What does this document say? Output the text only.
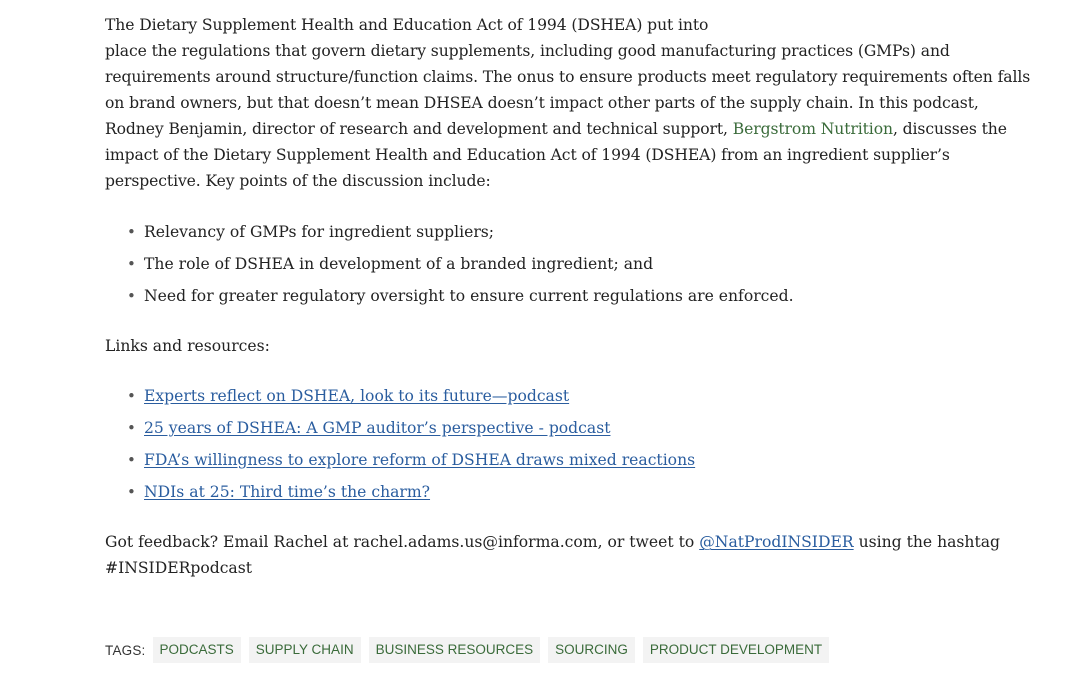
The Dietary Supplement Health and Education Act of 1994 (DSHEA) put into
place the regulations that govern dietary supplements, including good manufacturing practices (GMPs) and
requirements around structure/function claims. The onus to ensure products meet regulatory requirements often falls
on brand owners, but that doesn’t mean DHSEA doesn’t impact other parts of the supply chain. In this podcast,
Rodney Benjamin, director of research and development and technical support, Bergstrom Nutrition, discusses the
impact of the Dietary Supplement Health and Education Act of 1994 (DSHEA) from an ingredient supplier’s
perspective. Key points of the discussion include:

• Relevancy of GMPs for ingredient suppliers;
• The role of DSHEA in development of a branded ingredient; and
• Need for greater regulatory oversight to ensure current regulations are enforced.

Links and resources:

• Experts reflect on DSHEA, look to its future—podcast
• 25 years of DSHEA: A GMP auditor’s perspective - podcast
• FDA’s willingness to explore reform of DSHEA draws mixed reactions
• NDIs at 25: Third time’s the charm?

Got feedback? Email Rachel at rachel.adams.us@informa.com, or tweet to @NatProdINSIDER using the hashtag
#INSIDERpodcast

TAGS:	PODCASTS	SUPPLY CHAIN	BUSINESS RESOURCES	SOURCING	PRODUCT DEVELOPMENT
